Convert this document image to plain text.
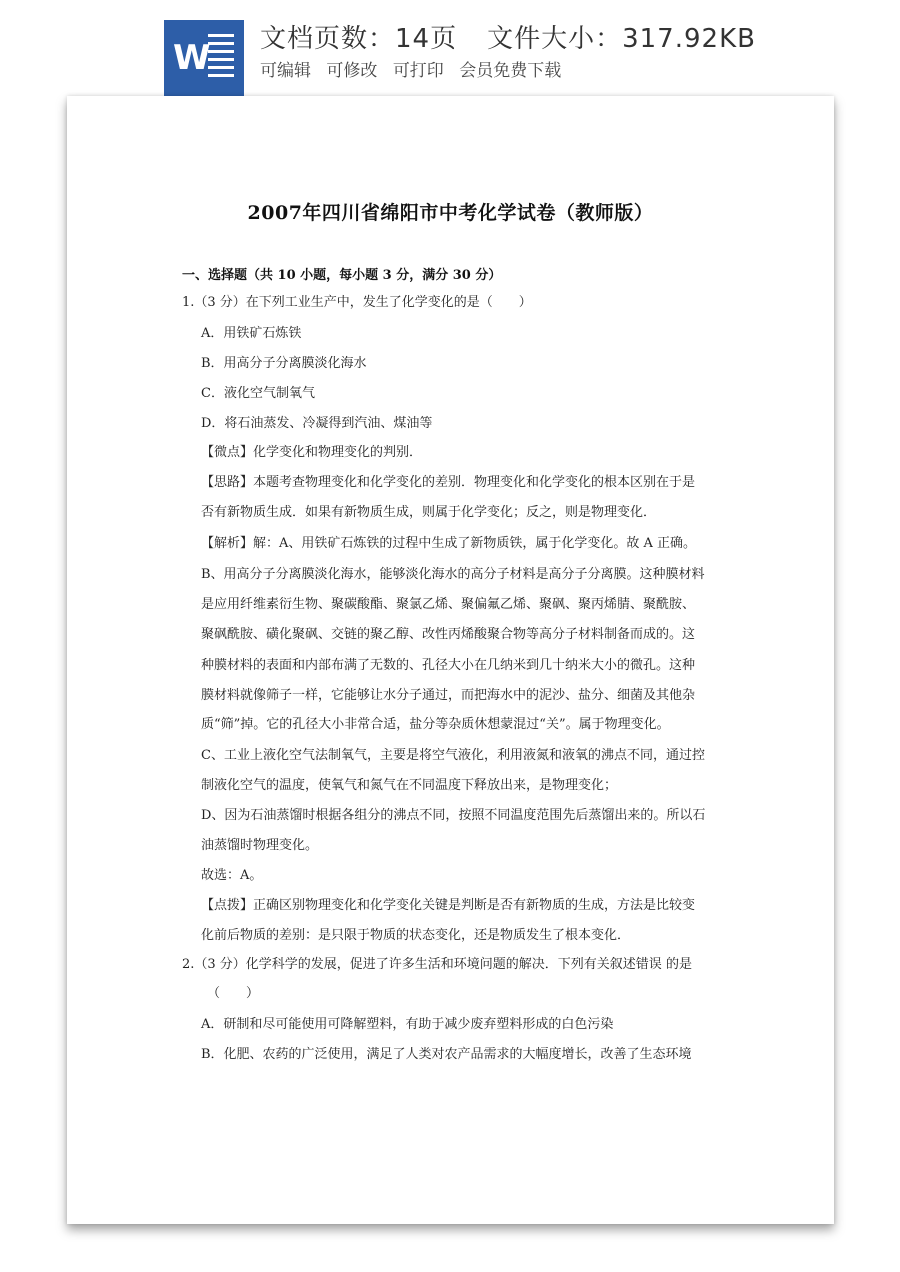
W 文档页数：14页 文件大小：317.92KB
可编辑 可修改 可打印 会员免费下载
2007年四川省绵阳市中考化学试卷（教师版）
一、选择题（共 10 小题，每小题 3 分，满分 30 分）
1.（3 分）在下列工业生产中，发生了化学变化的是（　　）
A．用铁矿石炼铁
B．用高分子分离膜淡化海水
C．液化空气制氧气
D．将石油蒸发、冷凝得到汽油、煤油等
【微点】化学变化和物理变化的判别．
【思路】本题考查物理变化和化学变化的差别．物理变化和化学变化的根本区别在于是
否有新物质生成．如果有新物质生成，则属于化学变化；反之，则是物理变化．
【解析】解：A、用铁矿石炼铁的过程中生成了新物质铁，属于化学变化。故 A 正确。
B、用高分子分离膜淡化海水，能够淡化海水的高分子材料是高分子分离膜。这种膜材料
是应用纤维素衍生物、聚碳酸酯、聚氯乙烯、聚偏氟乙烯、聚砜、聚丙烯腈、聚酰胺、
聚砜酰胺、磺化聚砜、交链的聚乙醇、改性丙烯酸聚合物等高分子材料制备而成的。这
种膜材料的表面和内部布满了无数的、孔径大小在几纳米到几十纳米大小的微孔。这种
膜材料就像筛子一样，它能够让水分子通过，而把海水中的泥沙、盐分、细菌及其他杂
质“筛”掉。它的孔径大小非常合适，盐分等杂质休想蒙混过“关”。属于物理变化。
C、工业上液化空气法制氧气，主要是将空气液化，利用液氮和液氧的沸点不同，通过控
制液化空气的温度，使氧气和氮气在不同温度下释放出来，是物理变化；
D、因为石油蒸馏时根据各组分的沸点不同，按照不同温度范围先后蒸馏出来的。所以石
油蒸馏时物理变化。
故选：A。
【点拨】正确区别物理变化和化学变化关键是判断是否有新物质的生成，方法是比较变
化前后物质的差别：是只限于物质的状态变化，还是物质发生了根本变化．
2.（3 分）化学科学的发展，促进了许多生活和环境问题的解决．下列有关叙述错误 的是
（　　）
A．研制和尽可能使用可降解塑料，有助于减少废弃塑料形成的白色污染
B．化肥、农药的广泛使用，满足了人类对农产品需求的大幅度增长，改善了生态环境
